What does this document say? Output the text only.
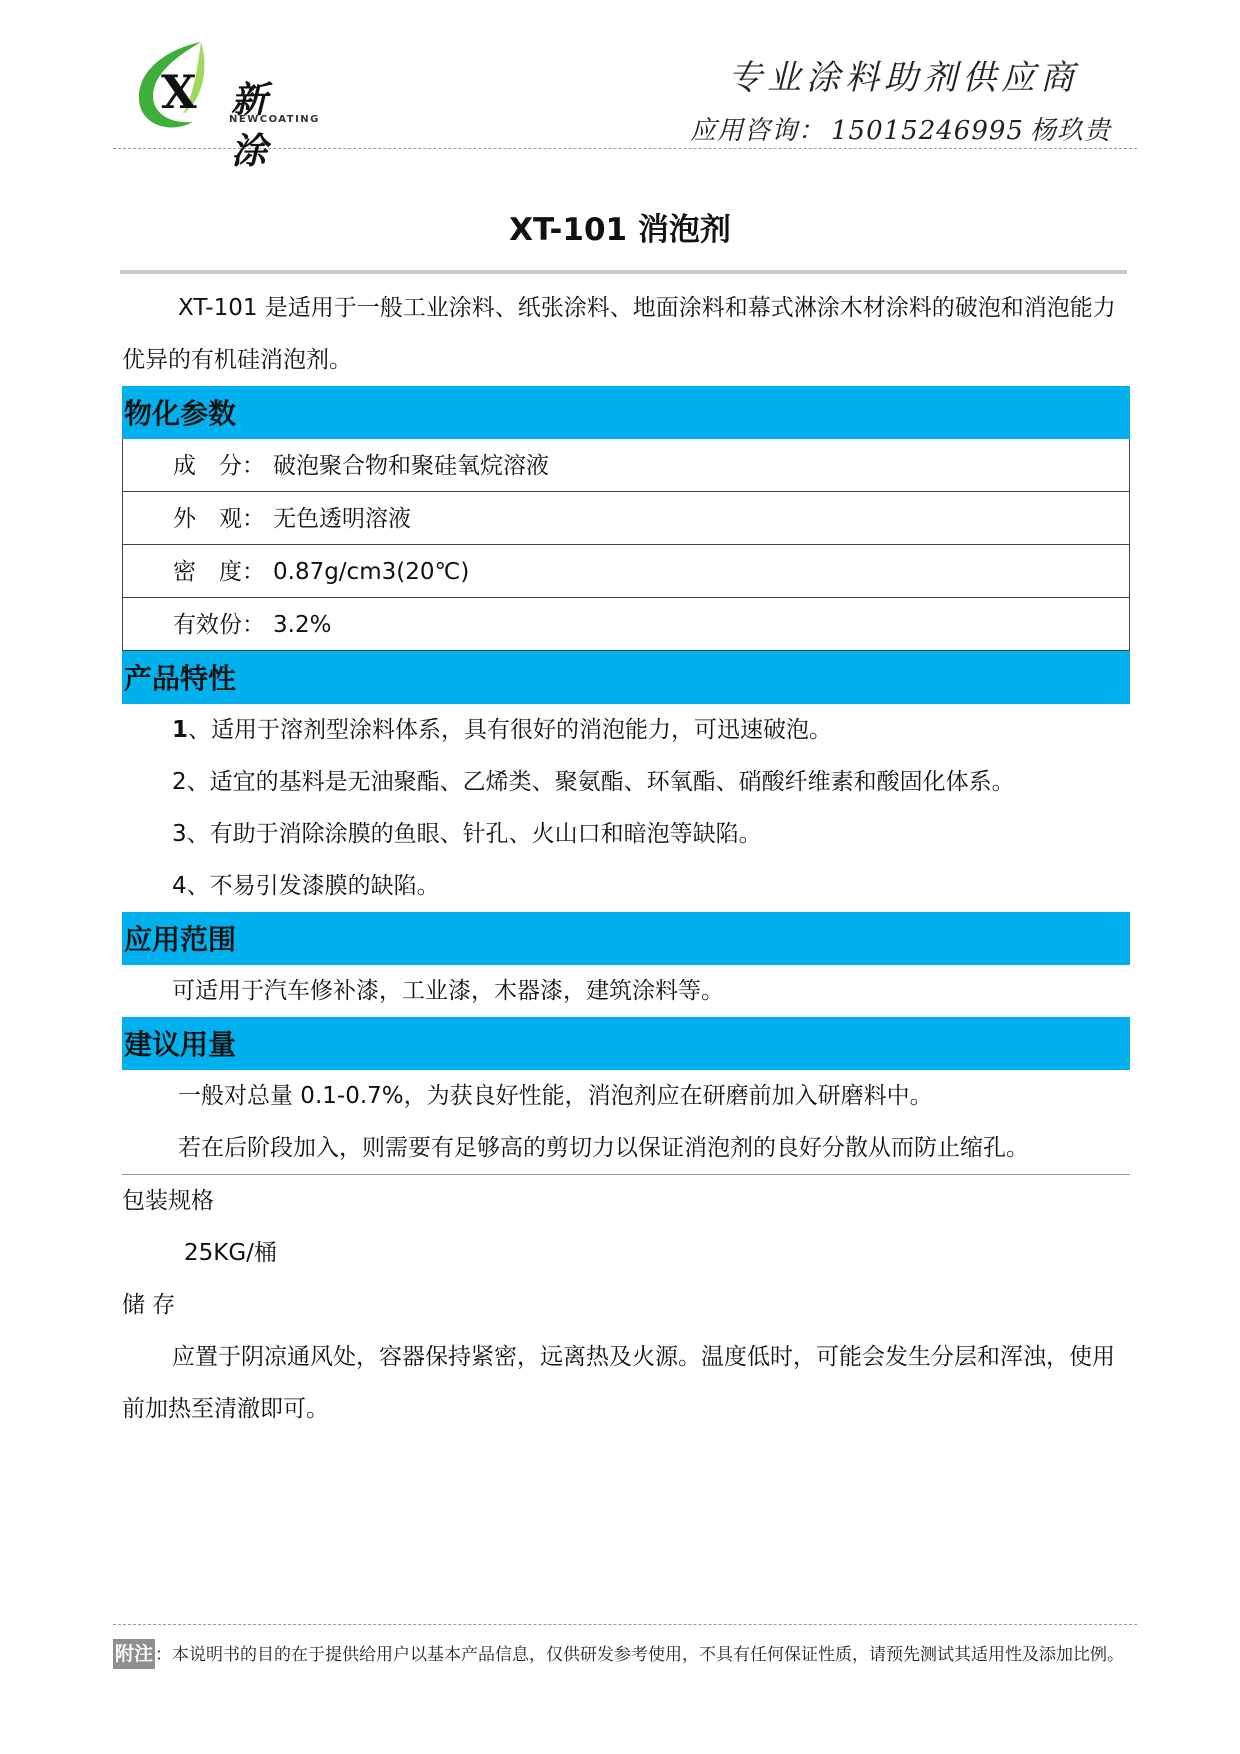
X 新涂
NEWCOATING
专业涂料助剂供应商
应用咨询： 15015246995 杨玖贵
XT-101 消泡剂

XT-101 是适用于一般工业涂料、纸张涂料、地面涂料和幕式淋涂木材涂料的破泡和消泡能力优异的有机硅消泡剂。

物化参数
成　分： 破泡聚合物和聚硅氧烷溶液
外　观： 无色透明溶液
密　度： 0.87g/cm3(20℃)
有效份： 3.2%
产品特性

1、适用于溶剂型涂料体系，具有很好的消泡能力，可迅速破泡。

2、适宜的基料是无油聚酯、乙烯类、聚氨酯、环氧酯、硝酸纤维素和酸固化体系。

3、有助于消除涂膜的鱼眼、针孔、火山口和暗泡等缺陷。

4、不易引发漆膜的缺陷。

应用范围

可适用于汽车修补漆，工业漆，木器漆，建筑涂料等。

建议用量

一般对总量 0.1-0.7%，为获良好性能，消泡剂应在研磨前加入研磨料中。

若在后阶段加入，则需要有足够高的剪切力以保证消泡剂的良好分散从而防止缩孔。

包装规格

25KG/桶

储 存

应置于阴凉通风处，容器保持紧密，远离热及火源。温度低时，可能会发生分层和浑浊，使用前加热至清澈即可。

附注 ：本说明书的目的在于提供给用户以基本产品信息，仅供研发参考使用，不具有任何保证性质，请预先测试其适用性及添加比例。
